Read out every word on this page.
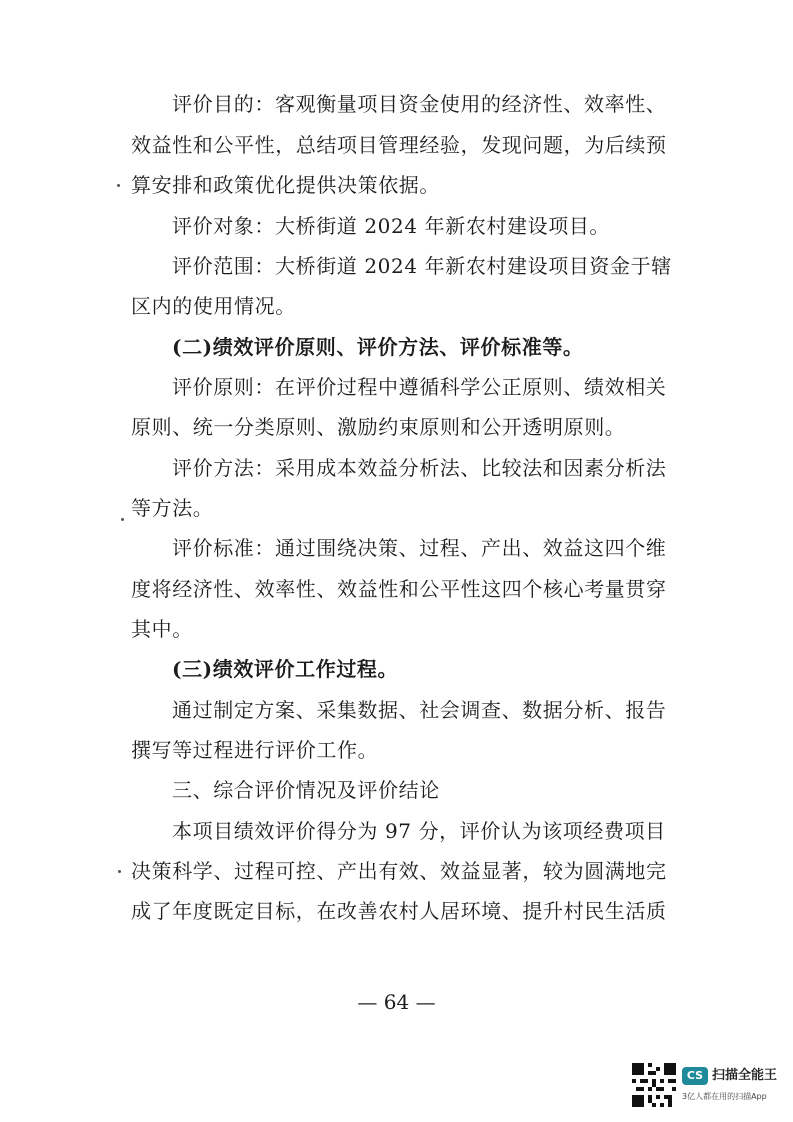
评价目的：客观衡量项目资金使用的经济性、效率性、
效益性和公平性，总结项目管理经验，发现问题，为后续预
算安排和政策优化提供决策依据。
评价对象：大桥街道 2024 年新农村建设项目。
评价范围：大桥街道 2024 年新农村建设项目资金于辖
区内的使用情况。
(二)绩效评价原则、评价方法、评价标准等。
评价原则：在评价过程中遵循科学公正原则、绩效相关
原则、统一分类原则、激励约束原则和公开透明原则。
评价方法：采用成本效益分析法、比较法和因素分析法
等方法。
评价标准：通过围绕决策、过程、产出、效益这四个维
度将经济性、效率性、效益性和公平性这四个核心考量贯穿
其中。
(三)绩效评价工作过程。
通过制定方案、采集数据、社会调查、数据分析、报告
撰写等过程进行评价工作。
三、综合评价情况及评价结论
本项目绩效评价得分为 97 分，评价认为该项经费项目
决策科学、过程可控、产出有效、效益显著，较为圆满地完
成了年度既定目标，在改善农村人居环境、提升村民生活质
— 64 —
CS 扫描全能王
3亿人都在用的扫描App
